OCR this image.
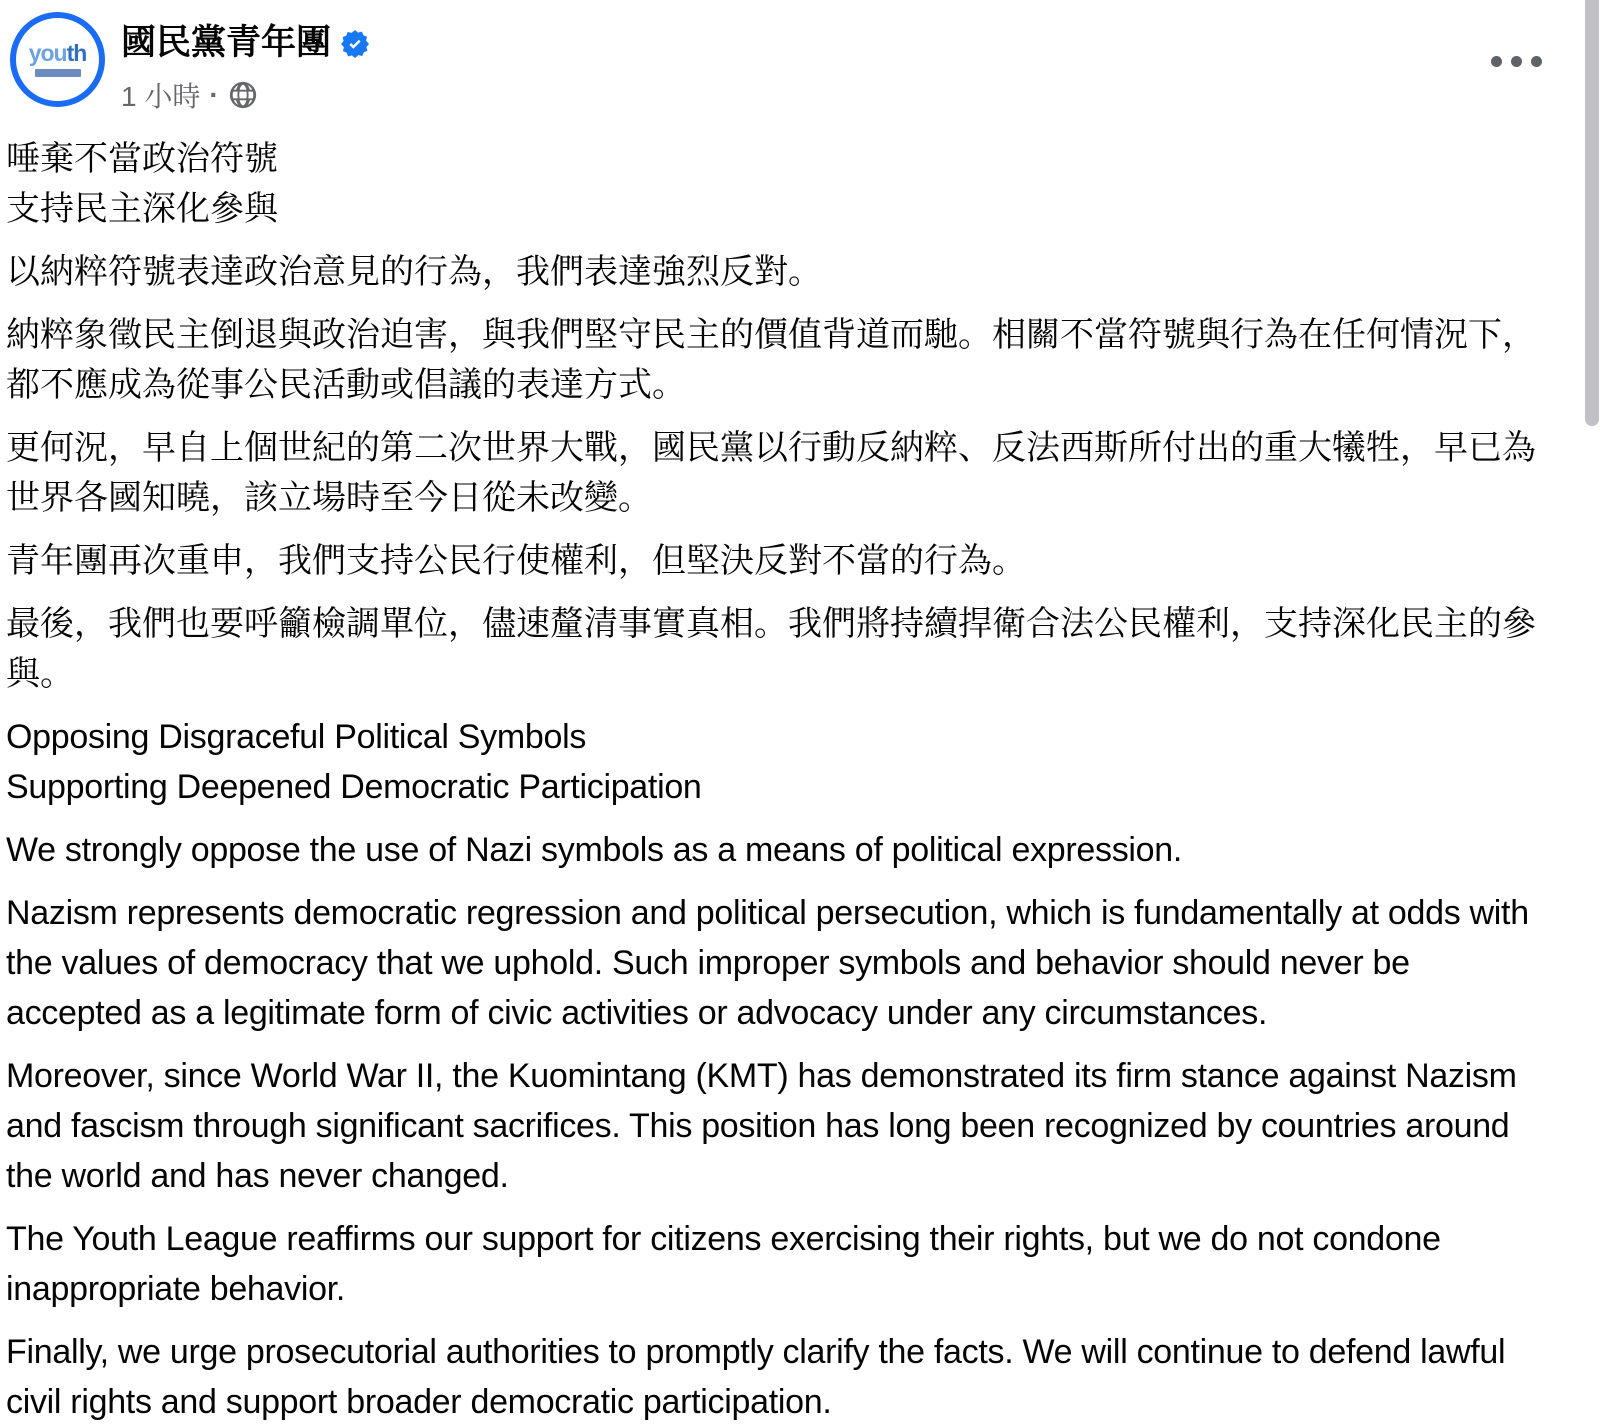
youth 國民黨青年團
1 小時 ·
唾棄不當政治符號
支持民主深化參與
以納粹符號表達政治意見的行為，我們表達強烈反對。
納粹象徵民主倒退與政治迫害，與我們堅守民主的價值背道而馳。相關不當符號與行為在任何情況下，都不應成為從事公民活動或倡議的表達方式。
更何況，早自上個世紀的第二次世界大戰，國民黨以行動反納粹、反法西斯所付出的重大犧牲，早已為世界各國知曉，該立場時至今日從未改變。
青年團再次重申，我們支持公民行使權利，但堅決反對不當的行為。
最後，我們也要呼籲檢調單位，儘速釐清事實真相。我們將持續捍衛合法公民權利，支持深化民主的參與。
Opposing Disgraceful Political Symbols
Supporting Deepened Democratic Participation
We strongly oppose the use of Nazi symbols as a means of political expression.
Nazism represents democratic regression and political persecution, which is fundamentally at odds with the values of democracy that we uphold. Such improper symbols and behavior should never be accepted as a legitimate form of civic activities or advocacy under any circumstances.
Moreover, since World War II, the Kuomintang (KMT) has demonstrated its firm stance against Nazism and fascism through significant sacrifices. This position has long been recognized by countries around the world and has never changed.
The Youth League reaffirms our support for citizens exercising their rights, but we do not condone inappropriate behavior.
Finally, we urge prosecutorial authorities to promptly clarify the facts. We will continue to defend lawful civil rights and support broader democratic participation.
